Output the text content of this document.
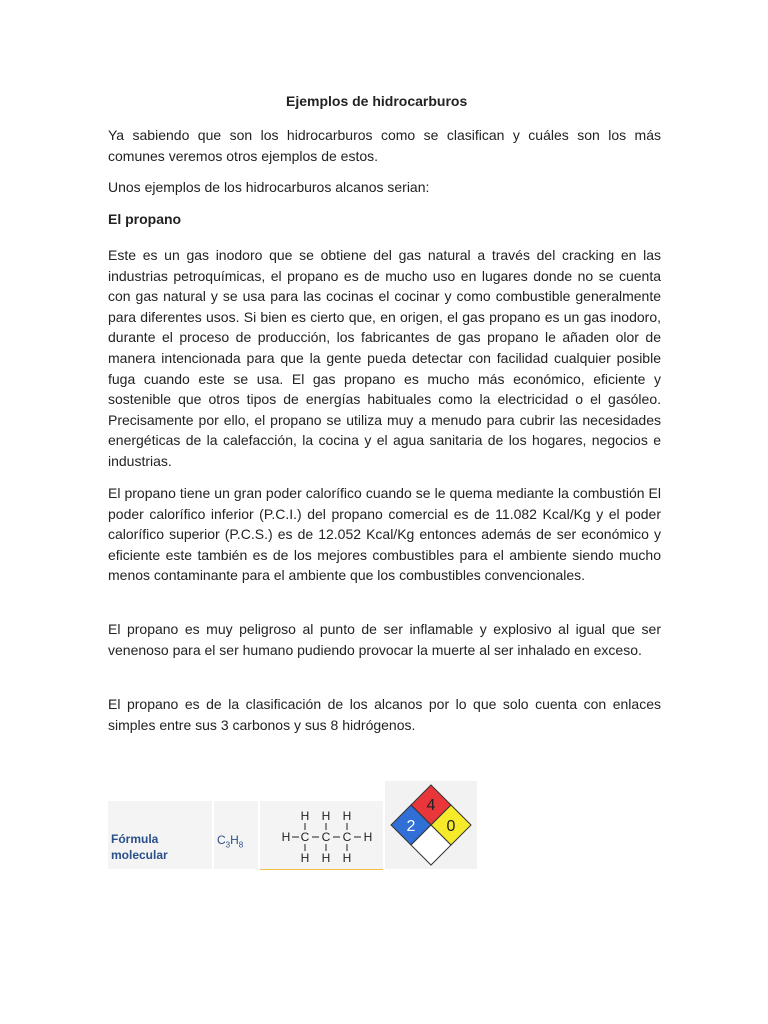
Ejemplos de hidrocarburos

Ya sabiendo que son los hidrocarburos como se clasifican y cuáles son los más comunes veremos otros ejemplos de estos.

Unos ejemplos de los hidrocarburos alcanos serian:

El propano

Este es un gas inodoro que se obtiene del gas natural a través del cracking en las industrias petroquímicas, el propano es de mucho uso en lugares donde no se cuenta con gas natural y se usa para las cocinas el cocinar y como combustible generalmente para diferentes usos. Si bien es cierto que, en origen, el gas propano es un gas inodoro, durante el proceso de producción, los fabricantes de gas propano le añaden olor de manera intencionada para que la gente pueda detectar con facilidad cualquier posible fuga cuando este se usa. El gas propano es mucho más económico, eficiente y sostenible que otros tipos de energías habituales como la electricidad o el gasóleo. Precisamente por ello, el propano se utiliza muy a menudo para cubrir las necesidades energéticas de la calefacción, la cocina y el agua sanitaria de los hogares, negocios e industrias.

El propano tiene un gran poder calorífico cuando se le quema mediante la combustión El poder calorífico inferior (P.C.I.) del propano comercial es de 11.082 Kcal/Kg y el poder calorífico superior (P.C.S.) es de 12.052 Kcal/Kg entonces además de ser económico y eficiente este también es de los mejores combustibles para el ambiente siendo mucho menos contaminante para el ambiente que los combustibles convencionales.

El propano es muy peligroso al punto de ser inflamable y explosivo al igual que ser venenoso para el ser humano pudiendo provocar la muerte al ser inhalado en exceso.

El propano es de la clasificación de los alcanos por lo que solo cuenta con enlaces simples entre sus 3 carbonos y sus 8 hidrógenos.

Fórmula molecular
$C_3H_8$
H H H
H C C C H
H H H
4
2 0
